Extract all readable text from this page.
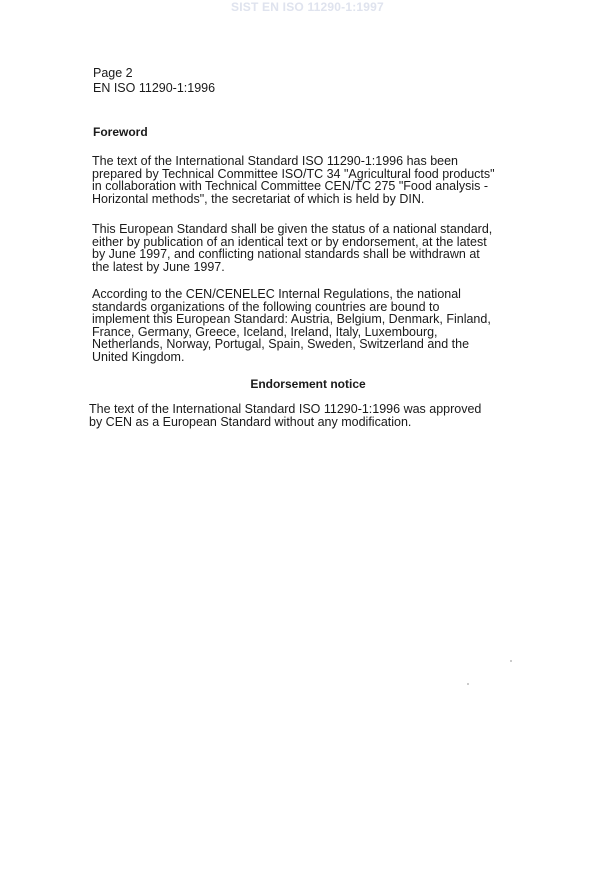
SIST EN ISO 11290-1:1997

Page 2

EN ISO 11290-1:1996

Foreword

The text of the International Standard ISO 11290-1:1996 has been
prepared by Technical Committee ISO/TC 34 "Agricultural food products"
in collaboration with Technical Committee CEN/TC 275 "Food analysis -
Horizontal methods", the secretariat of which is held by DIN.

This European Standard shall be given the status of a national standard,
either by publication of an identical text or by endorsement, at the latest
by June 1997, and conflicting national standards shall be withdrawn at
the latest by June 1997.

According to the CEN/CENELEC Internal Regulations, the national
standards organizations of the following countries are bound to
implement this European Standard: Austria, Belgium, Denmark, Finland,
France, Germany, Greece, Iceland, Ireland, Italy, Luxembourg,
Netherlands, Norway, Portugal, Spain, Sweden, Switzerland and the
United Kingdom.

Endorsement notice

The text of the International Standard ISO 11290-1:1996 was approved
by CEN as a European Standard without any modification.
